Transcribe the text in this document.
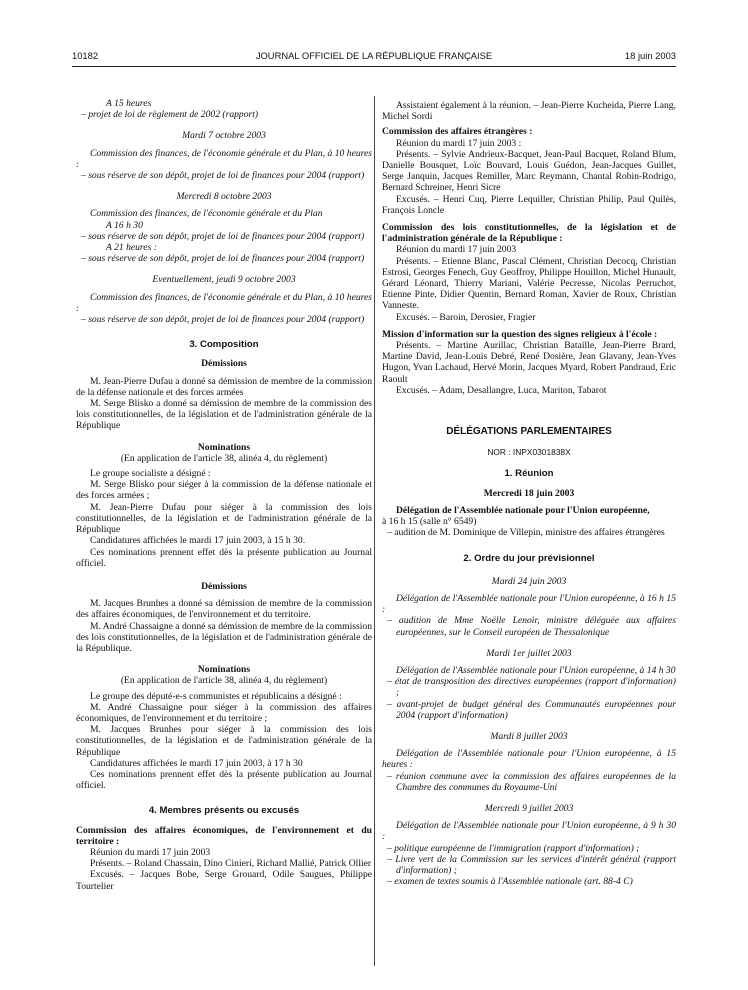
10182	JOURNAL OFFICIEL DE LA RÉPUBLIQUE FRANÇAISE	18 juin 2003

A 15 heures

– projet de loi de règlement de 2002 (rapport)

Mardi 7 octobre 2003

Commission des finances, de l'économie générale et du Plan, à 10 heures :

– sous réserve de son dépôt, projet de loi de finances pour 2004 (rapport)

Mercredi 8 octobre 2003

Commission des finances, de l'économie générale et du Plan

A 16 h 30

– sous réserve de son dépôt, projet de loi de finances pour 2004 (rapport)

A 21 heures :

– sous réserve de son dépôt, projet de loi de finances pour 2004 (rapport)

Eventuellement, jeudi 9 octobre 2003

Commission des finances, de l'économie générale et du Plan, à 10 heures :

– sous réserve de son dépôt, projet de loi de finances pour 2004 (rapport)

3. Composition

Démissions

M. Jean-Pierre Dufau a donné sa démission de membre de la commission de la défense nationale et des forces armées

M. Serge Blisko a donné sa démission de membre de la commission des lois constitutionnelles, de la législation et de l'administration générale de la République

Nominations

(En application de l'article 38, alinéa 4, du règlement)

Le groupe socialiste a désigné :

M. Serge Blisko pour siéger à la commission de la défense nationale et des forces armées ;

M. Jean-Pierre Dufau pour siéger à la commission des lois constitutionnelles, de la législation et de l'administration générale de la République

Candidatures affichées le mardi 17 juin 2003, à 15 h 30.

Ces nominations prennent effet dès la présente publication au Journal officiel.

Démissions

M. Jacques Brunhes a donné sa démission de membre de la commission des affaires économiques, de l'environnement et du territoire.

M. André Chassaigne a donné sa démission de membre de la commission des lois constitutionnelles, de la législation et de l'administration générale de la République.

Nominations

(En application de l'article 38, alinéa 4, du règlement)

Le groupe des député-e-s communistes et républicains a désigné :

M. André Chassaigne pour siéger à la commission des affaires économiques, de l'environnement et du territoire ;

M. Jacques Brunhes pour siéger à la commission des lois constitutionnelles, de la législation et de l'administration générale de la République

Candidatures affichées le mardi 17 juin 2003, à 17 h 30

Ces nominations prennent effet dès la présente publication au Journal officiel.

4. Membres présents ou excusés

Commission des affaires économiques, de l'environnement et du territoire :

Réunion du mardi 17 juin 2003

Présents. – Roland Chassain, Dino Cinieri, Richard Mallié, Patrick Ollier

Excusés. – Jacques Bobe, Serge Grouard, Odile Saugues, Philippe Tourtelier

Assistaient également à la réunion. – Jean-Pierre Kucheida, Pierre Lang, Michel Sordi

Commission des affaires étrangères :

Réunion du mardi 17 juin 2003 :

Présents. – Sylvie Andrieux-Bacquet, Jean-Paul Bacquet, Roland Blum, Danielle Bousquet, Loïc Bouvard, Louis Guédon, Jean-Jacques Guillet, Serge Janquin, Jacques Remiller, Marc Reymann, Chantal Robin-Rodrigo, Bernard Schreiner, Henri Sicre

Excusés. – Henri Cuq, Pierre Lequiller, Christian Philip, Paul Quilès, François Loncle

Commission des lois constitutionnelles, de la législation et de l'administration générale de la République :

Réunion du mardi 17 juin 2003

Présents. – Etienne Blanc, Pascal Clément, Christian Decocq, Christian Estrosi, Georges Fenech, Guy Geoffroy, Philippe Houillon, Michel Hunault, Gérard Léonard, Thierry Mariani, Valérie Pecresse, Nicolas Perruchot, Etienne Pinte, Didier Quentin, Bernard Roman, Xavier de Roux, Christian Vanneste.

Excusés. – Baroin, Derosier, Fragier

Mission d'information sur la question des signes religieux à l'école :

Présents. – Martine Aurillac, Christian Bataille, Jean-Pierre Brard, Martine David, Jean-Louis Debré, René Dosière, Jean Glavany, Jean-Yves Hugon, Yvan Lachaud, Hervé Morin, Jacques Myard, Robert Pandraud, Eric Raoult

Excusés. – Adam, Desallangre, Luca, Mariton, Tabarot

DÉLÉGATIONS PARLEMENTAIRES

NOR : INPX0301838X

1. Réunion

Mercredi 18 juin 2003

Délégation de l'Assemblée nationale pour l'Union européenne,

à 16 h 15 (salle n° 6549)

– audition de M. Dominique de Villepin, ministre des affaires étrangères

2. Ordre du jour prévisionnel

Mardi 24 juin 2003

Délégation de l'Assemblée nationale pour l'Union européenne, à 16 h 15 :

– audition de Mme Noëlle Lenoir, ministre déléguée aux affaires européennes, sur le Conseil européen de Thessalonique

Mardi 1er juillet 2003

Délégation de l'Assemblée nationale pour l'Union européenne, à 14 h 30

– état de transposition des directives européennes (rapport d'information) ;

– avant-projet de budget général des Communautés européennes pour 2004 (rapport d'information)

Mardi 8 juillet 2003

Délégation de l'Assemblée nationale pour l'Union européenne, à 15 heures :

– réunion commune avec la commission des affaires européennes de la Chambre des communes du Royaume-Uni

Mercredi 9 juillet 2003

Délégation de l'Assemblée nationale pour l'Union européenne, à 9 h 30 :

– politique européenne de l'immigration (rapport d'information) ;

– Livre vert de la Commission sur les services d'intérêt général (rapport d'information) ;

– examen de textes soumis à l'Assemblée nationale (art. 88-4 C)
